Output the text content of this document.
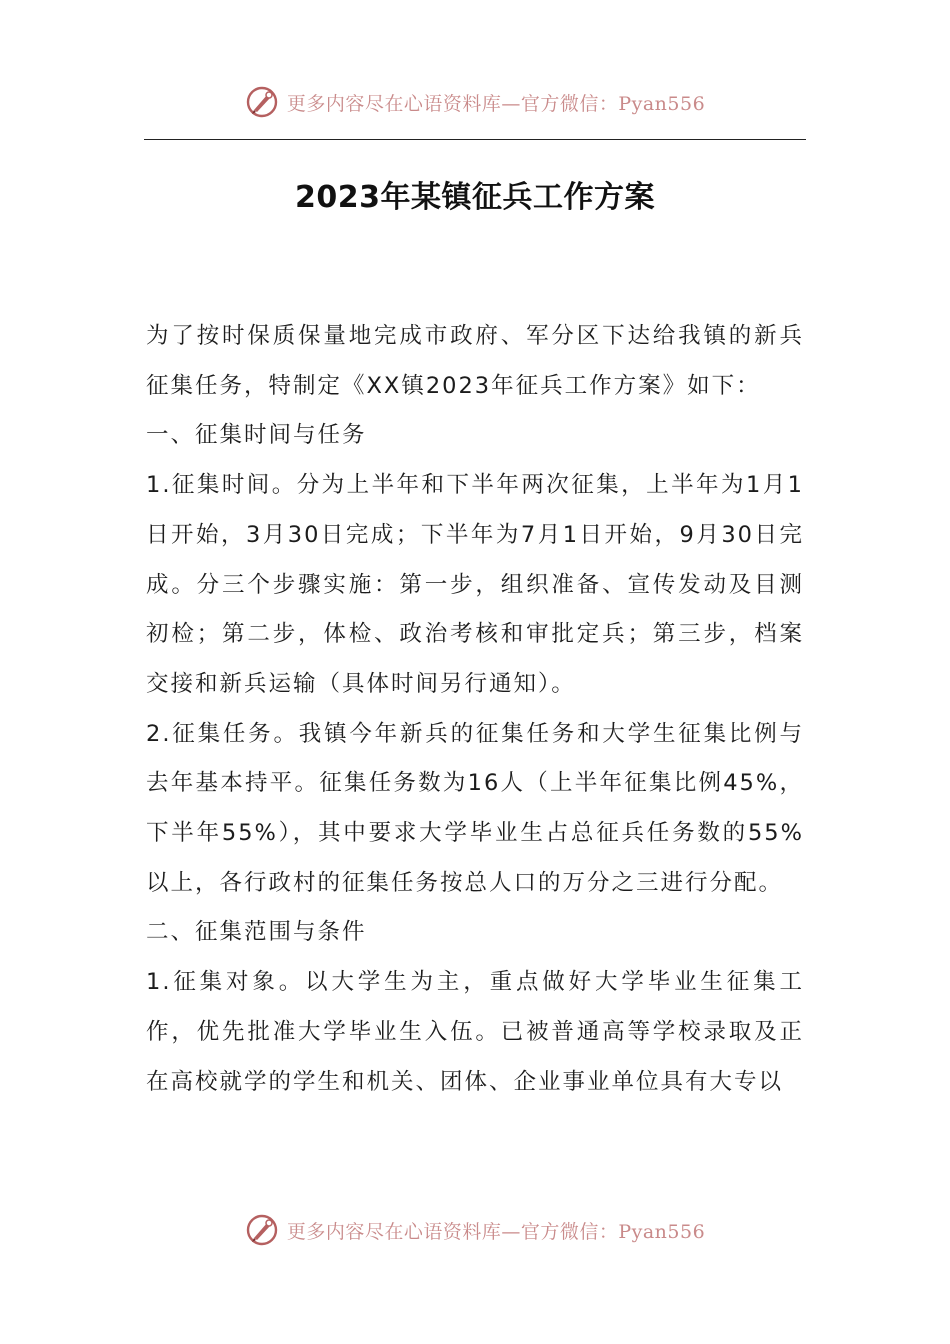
更多内容尽在心语资料库—官方微信：Pyan556
2023年某镇征兵工作方案

为了按时保质保量地完成市政府、军分区下达给我镇的新兵征集任务，特制定《XX镇2023年征兵工作方案》如下：

一、征集时间与任务

1.征集时间。分为上半年和下半年两次征集，上半年为1月1日开始，3月30日完成；下半年为7月1日开始，9月30日完成。分三个步骤实施：第一步，组织准备、宣传发动及目测初检；第二步，体检、政治考核和审批定兵；第三步，档案交接和新兵运输（具体时间另行通知）。

2.征集任务。我镇今年新兵的征集任务和大学生征集比例与去年基本持平。征集任务数为16人（上半年征集比例45%，下半年55%），其中要求大学毕业生占总征兵任务数的55%以上，各行政村的征集任务按总人口的万分之三进行分配。

二、征集范围与条件

1.征集对象。以大学生为主，重点做好大学毕业生征集工作，优先批准大学毕业生入伍。已被普通高等学校录取及正在高校就学的学生和机关、团体、企业事业单位具有大专以

更多内容尽在心语资料库—官方微信：Pyan556
